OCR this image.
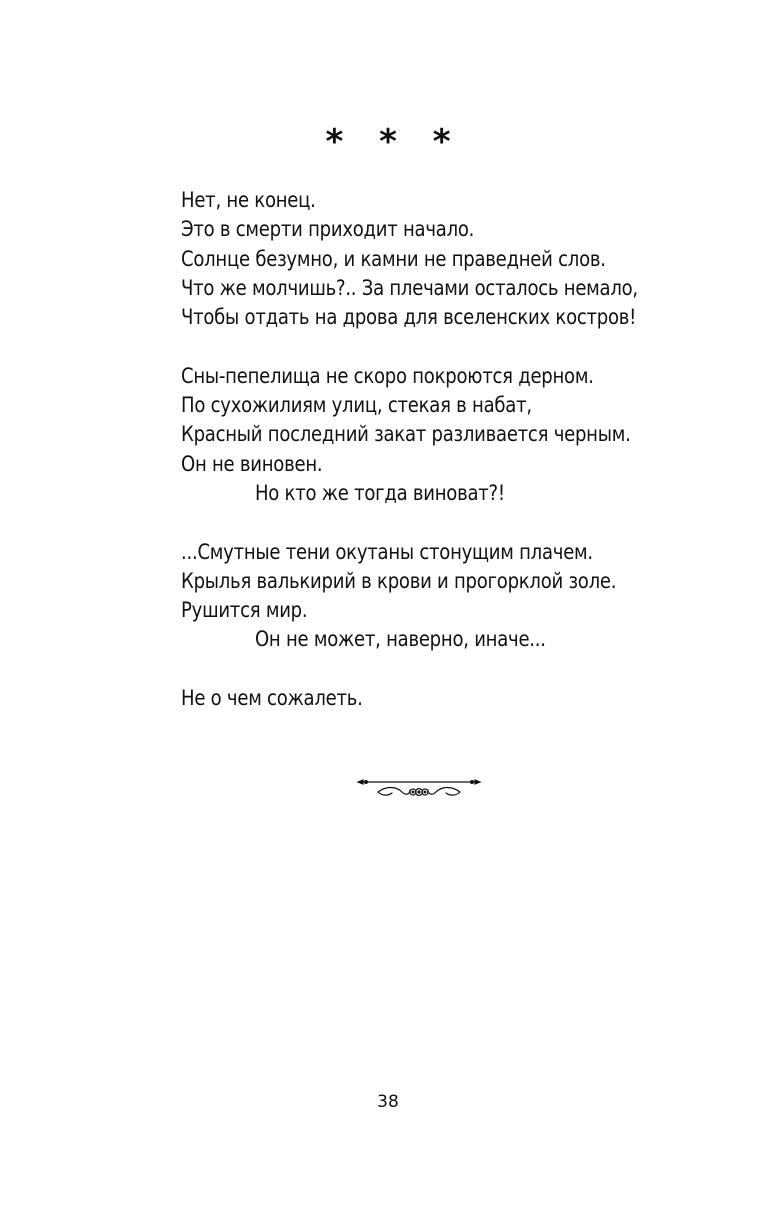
* * *
Нет, не конец.
Это в смерти приходит начало.
Солнце безумно, и камни не праведней слов.
Что же молчишь?.. За плечами осталось немало,
Чтобы отдать на дрова для вселенских костров!
Сны-пепелища не скоро покроются дерном.
По сухожилиям улиц, стекая в набат,
Красный последний закат разливается черным.
Он не виновен.
Но кто же тогда виноват?!
...Смутные тени окутаны стонущим плачем.
Крылья валькирий в крови и прогорклой золе.
Рушится мир.
Он не может, наверно, иначе...
Не о чем сожалеть.
38
